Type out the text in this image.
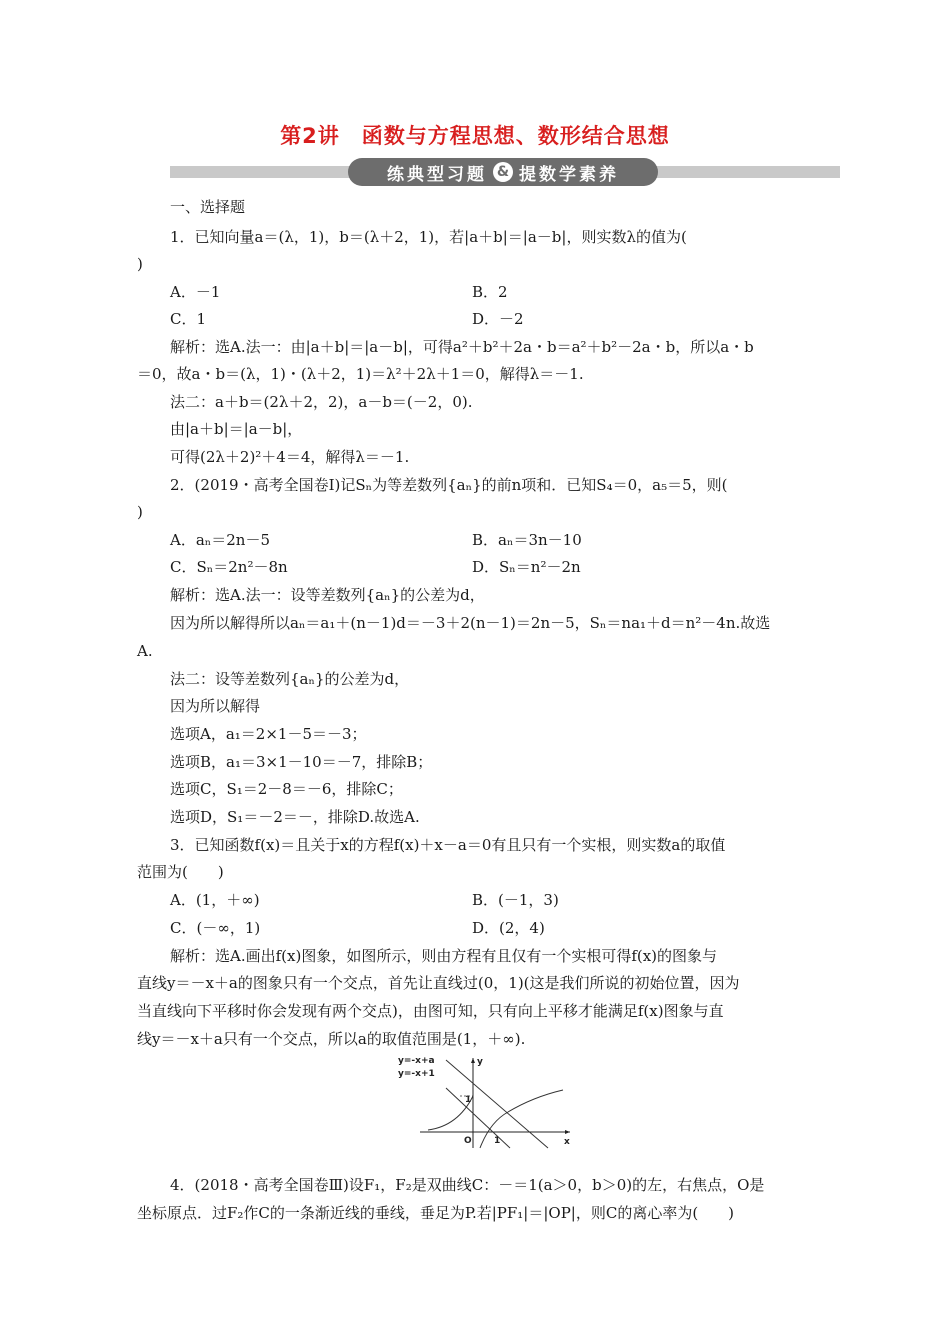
第2讲　函数与方程思想、数形结合思想
练典型习题 & 提数学素养
一、选择题
1．已知向量a＝(λ，1)，b＝(λ＋2，1)，若|a＋b|＝|a－b|，则实数λ的值为(
)
A．－1	B．2
C．1	D．－2
解析：选A.法一：由|a＋b|＝|a－b|，可得a²＋b²＋2a・b＝a²＋b²－2a・b，所以a・b
＝0，故a・b＝(λ，1)・(λ＋2，1)＝λ²＋2λ＋1＝0，解得λ＝－1.
法二：a＋b＝(2λ＋2，2)，a－b＝(－2，0).
由|a＋b|＝|a－b|，
可得(2λ＋2)²＋4＝4，解得λ＝－1.
2．(2019・高考全国卷Ⅰ)记Sₙ为等差数列{aₙ}的前n项和．已知S₄＝0，a₅＝5，则(
)
A．aₙ＝2n－5	B．aₙ＝3n－10
C．Sₙ＝2n²－8n	D．Sₙ＝n²－2n
解析：选A.法一：设等差数列{aₙ}的公差为d，
因为所以解得所以aₙ＝a₁＋(n－1)d＝－3＋2(n－1)＝2n－5，Sₙ＝na₁＋d＝n²－4n.故选
A.
法二：设等差数列{aₙ}的公差为d，
因为所以解得
选项A，a₁＝2×1－5＝－3；
选项B，a₁＝3×1－10＝－7，排除B；
选项C，S₁＝2－8＝－6，排除C；
选项D，S₁＝－2＝－，排除D.故选A.
3．已知函数f(x)＝且关于x的方程f(x)＋x－a＝0有且只有一个实根，则实数a的取值
范围为(　　)
A．(1，＋∞)	B．(－1，3)
C．(－∞，1)	D．(2，4)
解析：选A.画出f(x)图象，如图所示，则由方程有且仅有一个实根可得f(x)的图象与
直线y＝－x＋a的图象只有一个交点，首先让直线过(0，1)(这是我们所说的初始位置，因为
当直线向下平移时你会发现有两个交点)，由图可知，只有向上平移才能满足f(x)图象与直
线y＝－x＋a只有一个交点，所以a的取值范围是(1，＋∞).
y=-x+a
y=-x+1
y
x
O 1
1
4．(2018・高考全国卷Ⅲ)设F₁，F₂是双曲线C：－＝1(a＞0，b＞0)的左，右焦点，O是
坐标原点．过F₂作C的一条渐近线的垂线，垂足为P.若|PF₁|＝|OP|，则C的离心率为(　　)
